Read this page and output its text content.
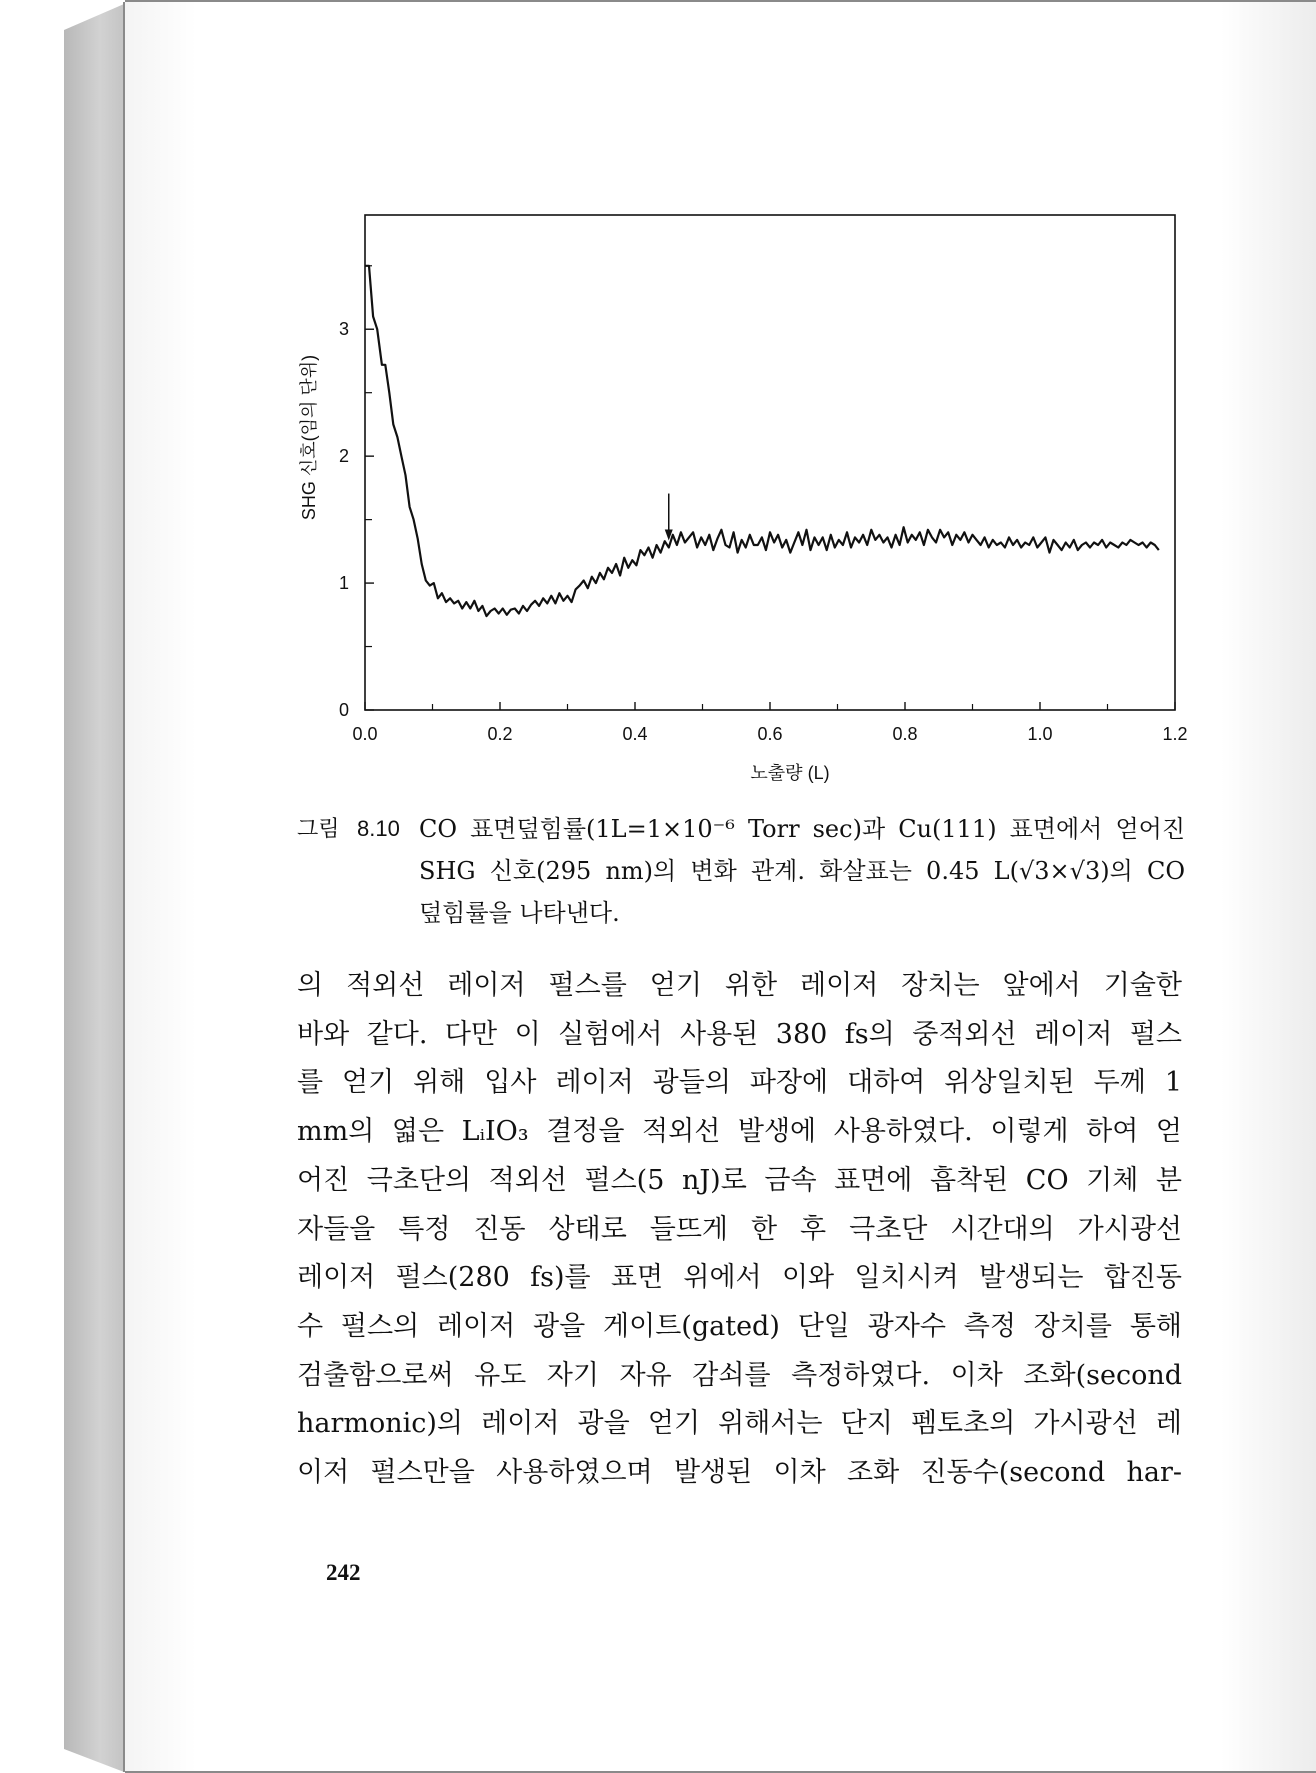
0.0	0.2	0.4	0.6	0.8	1.0	1.2
0
1
2
3
노출량 (L)
SHG 신호(임의 단위)
그림 8.10 CO 표면덮힘률(1L=1×10⁻⁶ Torr sec)과 Cu(111) 표면에서 얻어진
SHG 신호(295 nm)의 변화 관계. 화살표는 0.45 L(√3×√3)의 CO
덮힘률을 나타낸다.
의 적외선 레이저 펄스를 얻기 위한 레이저 장치는 앞에서 기술한
바와 같다. 다만 이 실험에서 사용된 380 fs의 중적외선 레이저 펄스
를 얻기 위해 입사 레이저 광들의 파장에 대하여 위상일치된 두께 1
mm의 엷은 LᵢIO₃ 결정을 적외선 발생에 사용하였다. 이렇게 하여 얻
어진 극초단의 적외선 펄스(5 nJ)로 금속 표면에 흡착된 CO 기체 분
자들을 특정 진동 상태로 들뜨게 한 후 극초단 시간대의 가시광선
레이저 펄스(280 fs)를 표면 위에서 이와 일치시켜 발생되는 합진동
수 펄스의 레이저 광을 게이트(gated) 단일 광자수 측정 장치를 통해
검출함으로써 유도 자기 자유 감쇠를 측정하였다. 이차 조화(second
harmonic)의 레이저 광을 얻기 위해서는 단지 펨토초의 가시광선 레
이저 펄스만을 사용하였으며 발생된 이차 조화 진동수(second har-
242
